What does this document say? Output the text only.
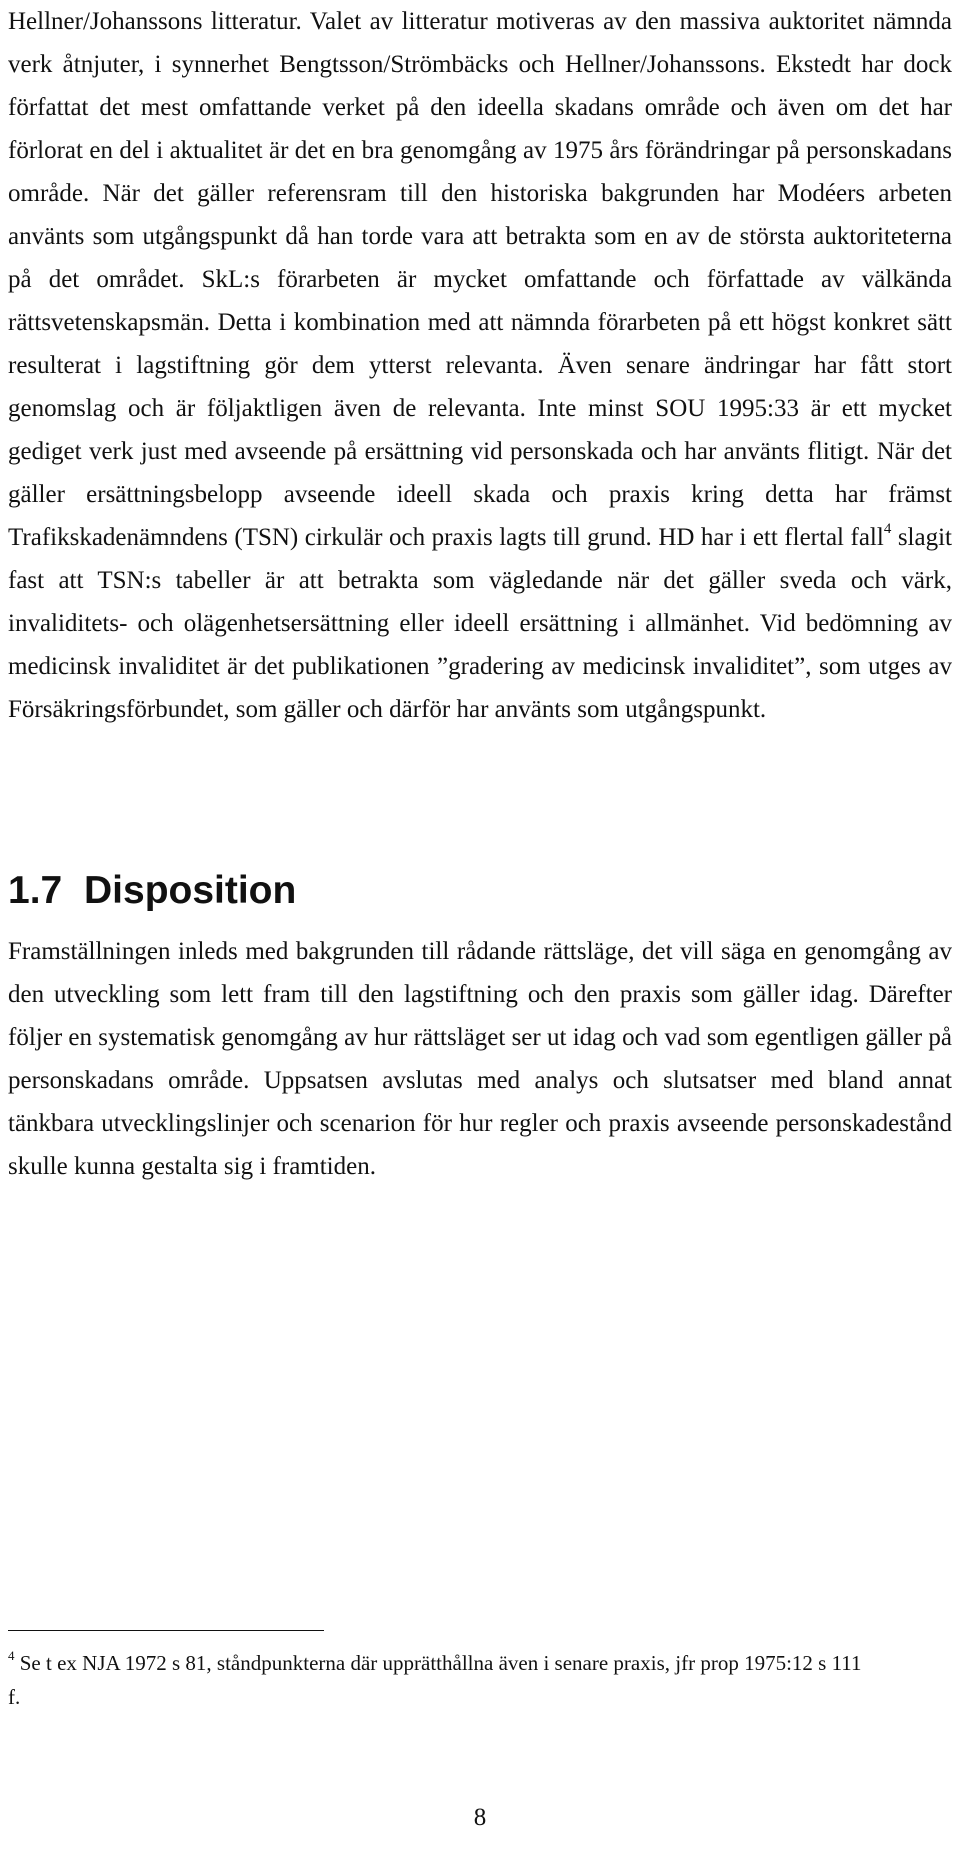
Hellner/Johanssons litteratur. Valet av litteratur motiveras av den massiva auktoritet nämnda verk åtnjuter, i synnerhet Bengtsson/Strömbäcks och Hellner/Johanssons. Ekstedt har dock författat det mest omfattande verket på den ideella skadans område och även om det har förlorat en del i aktualitet är det en bra genomgång av 1975 års förändringar på personskadans område. När det gäller referensram till den historiska bakgrunden har Modéers arbeten använts som utgångspunkt då han torde vara att betrakta som en av de största auktoriteterna på det området. SkL:s förarbeten är mycket omfattande och författade av välkända rättsvetenskapsmän. Detta i kombination med att nämnda förarbeten på ett högst konkret sätt resulterat i lagstiftning gör dem ytterst relevanta. Även senare ändringar har fått stort genomslag och är följaktligen även de relevanta. Inte minst SOU 1995:33 är ett mycket gediget verk just med avseende på ersättning vid personskada och har använts flitigt. När det gäller ersättningsbelopp avseende ideell skada och praxis kring detta har främst Trafikskadenämndens (TSN) cirkulär och praxis lagts till grund. HD har i ett flertal fall$^4$ slagit fast att TSN:s tabeller är att betrakta som vägledande när det gäller sveda och värk, invaliditets- och olägenhetsersättning eller ideell ersättning i allmänhet. Vid bedömning av medicinsk invaliditet är det publikationen ”gradering av medicinsk invaliditet”, som utges av Försäkringsförbundet, som gäller och därför har använts som utgångspunkt.

1.7 Disposition

Framställningen inleds med bakgrunden till rådande rättsläge, det vill säga en genomgång av den utveckling som lett fram till den lagstiftning och den praxis som gäller idag. Därefter följer en systematisk genomgång av hur rättsläget ser ut idag och vad som egentligen gäller på personskadans område. Uppsatsen avslutas med analys och slutsatser med bland annat tänkbara utvecklingslinjer och scenarion för hur regler och praxis avseende personskadestånd skulle kunna gestalta sig i framtiden.

$^4$ Se t ex NJA 1972 s 81, ståndpunkterna där upprätthållna även i senare praxis, jfr prop 1975:12 s 111 f.

8
